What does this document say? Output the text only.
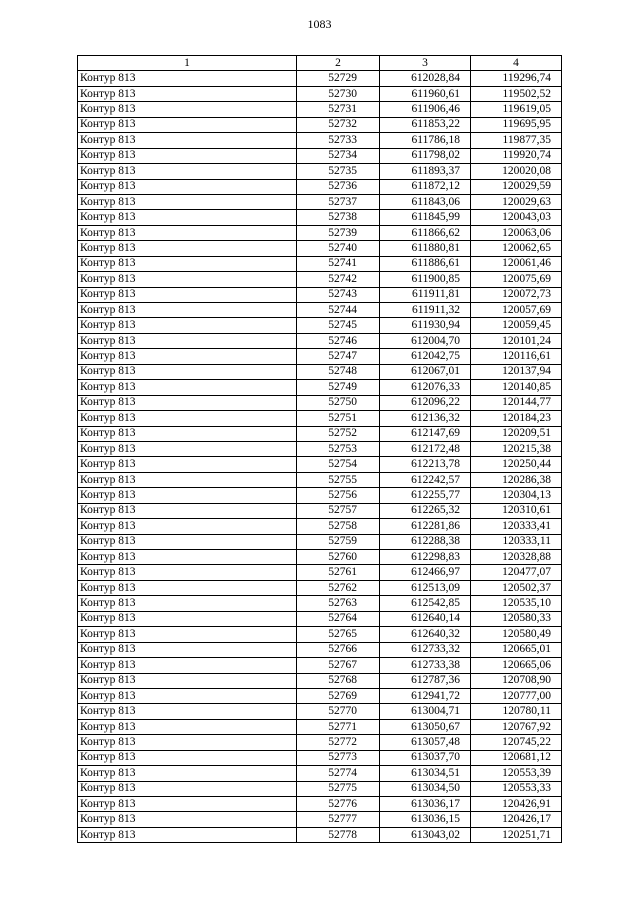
1083
1	2	3	4
Контур 813	52729	612028,84	119296,74
Контур 813	52730	611960,61	119502,52
Контур 813	52731	611906,46	119619,05
Контур 813	52732	611853,22	119695,95
Контур 813	52733	611786,18	119877,35
Контур 813	52734	611798,02	119920,74
Контур 813	52735	611893,37	120020,08
Контур 813	52736	611872,12	120029,59
Контур 813	52737	611843,06	120029,63
Контур 813	52738	611845,99	120043,03
Контур 813	52739	611866,62	120063,06
Контур 813	52740	611880,81	120062,65
Контур 813	52741	611886,61	120061,46
Контур 813	52742	611900,85	120075,69
Контур 813	52743	611911,81	120072,73
Контур 813	52744	611911,32	120057,69
Контур 813	52745	611930,94	120059,45
Контур 813	52746	612004,70	120101,24
Контур 813	52747	612042,75	120116,61
Контур 813	52748	612067,01	120137,94
Контур 813	52749	612076,33	120140,85
Контур 813	52750	612096,22	120144,77
Контур 813	52751	612136,32	120184,23
Контур 813	52752	612147,69	120209,51
Контур 813	52753	612172,48	120215,38
Контур 813	52754	612213,78	120250,44
Контур 813	52755	612242,57	120286,38
Контур 813	52756	612255,77	120304,13
Контур 813	52757	612265,32	120310,61
Контур 813	52758	612281,86	120333,41
Контур 813	52759	612288,38	120333,11
Контур 813	52760	612298,83	120328,88
Контур 813	52761	612466,97	120477,07
Контур 813	52762	612513,09	120502,37
Контур 813	52763	612542,85	120535,10
Контур 813	52764	612640,14	120580,33
Контур 813	52765	612640,32	120580,49
Контур 813	52766	612733,32	120665,01
Контур 813	52767	612733,38	120665,06
Контур 813	52768	612787,36	120708,90
Контур 813	52769	612941,72	120777,00
Контур 813	52770	613004,71	120780,11
Контур 813	52771	613050,67	120767,92
Контур 813	52772	613057,48	120745,22
Контур 813	52773	613037,70	120681,12
Контур 813	52774	613034,51	120553,39
Контур 813	52775	613034,50	120553,33
Контур 813	52776	613036,17	120426,91
Контур 813	52777	613036,15	120426,17
Контур 813	52778	613043,02	120251,71
